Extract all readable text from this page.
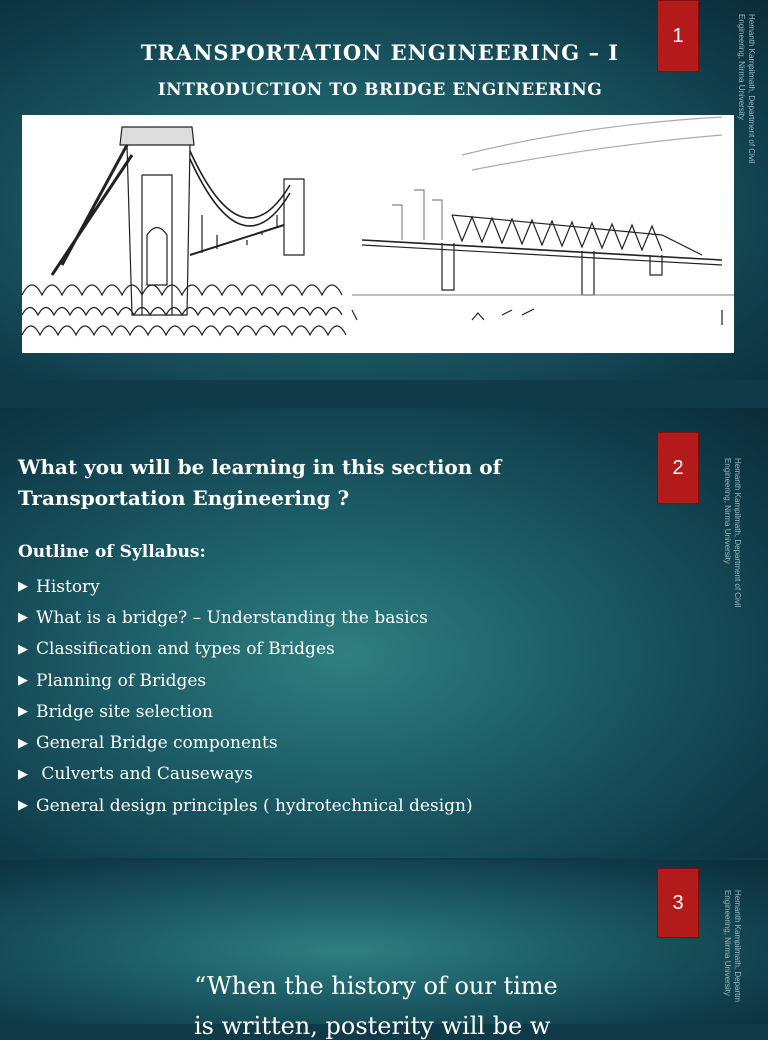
1	Hemanth Kampilmath, Department of Civil
Engineering, Nirma University
TRANSPORTATION ENGINEERING – I
INTRODUCTION TO BRIDGE ENGINEERING
2	Hemanth Kampilmath, Department of Civil
Engineering, Nirma University
What you will be learning in this section of Transportation Engineering ?
Outline of Syllabus:
▶ History
▶ What is a bridge? – Understanding the basics
▶ Classification and types of Bridges
▶ Planning of Bridges
▶ Bridge site selection
▶ General Bridge components
▶ Culverts and Causeways
▶ General design principles ( hydrotechnical design)
3	Hemanth Kampilmath, Departm
Engineering, Nirma University
“When the history of our time
is written, posterity will be w
